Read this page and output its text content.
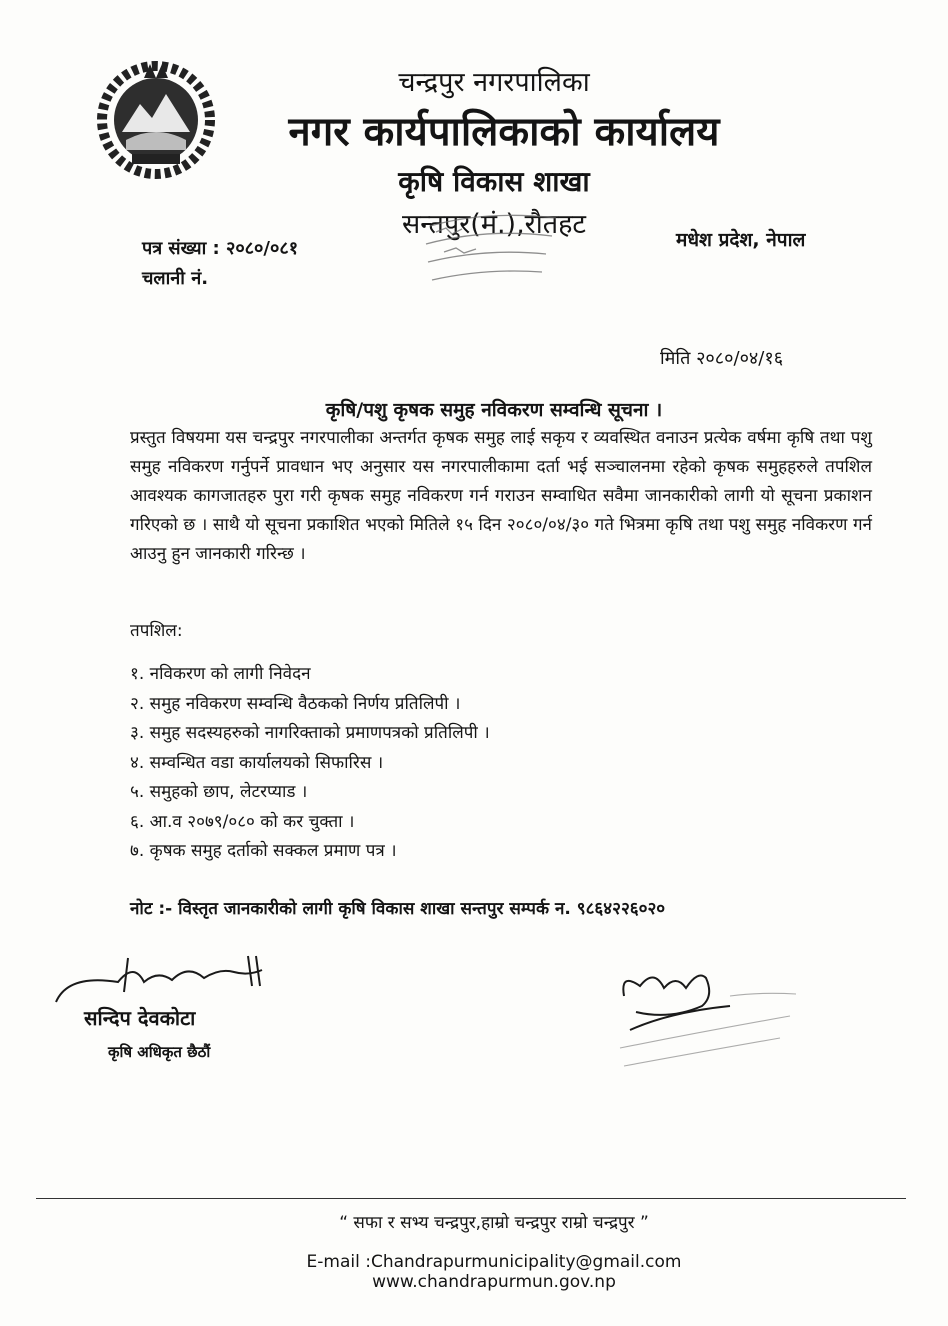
चन्द्रपुर नगरपालिका
नगर कार्यपालिकाको कार्यालय
कृषि विकास शाखा
सन्तपुर(मं.),रौतहट	मधेश प्रदेश, नेपाल
पत्र संख्या : २०८०/०८१
चलानी नं.
मिति २०८०/०४/१६
कृषि/पशु कृषक समुह नविकरण सम्वन्धि सूचना ।
प्रस्तुत विषयमा यस चन्द्रपुर नगरपालीका अन्तर्गत कृषक समुह लाई सकृय र व्यवस्थित वनाउन प्रत्येक वर्षमा कृषि तथा पशु समुह नविकरण गर्नुपर्ने प्रावधान भए अनुसार यस नगरपालीकामा दर्ता भई सञ्चालनमा रहेको कृषक समुहहरुले तपशिल आवश्यक कागजातहरु पुरा गरी कृषक समुह नविकरण गर्न गराउन सम्वाधित सवैमा जानकारीको लागी यो सूचना प्रकाशन गरिएको छ । साथै यो सूचना प्रकाशित भएको मितिले १५ दिन २०८०/०४/३० गते भित्रमा कृषि तथा पशु समुह नविकरण गर्न आउनु हुन जानकारी गरिन्छ ।
तपशिल:
१. नविकरण को लागी निवेदन
२. समुह नविकरण सम्वन्धि वैठकको निर्णय प्रतिलिपी ।
३. समुह सदस्यहरुको नागरिक्ताको प्रमाणपत्रको प्रतिलिपी ।
४. सम्वन्धित वडा कार्यालयको सिफारिस ।
५. समुहको छाप, लेटरप्याड ।
६. आ.व २०७९/०८० को कर चुक्ता ।
७. कृषक समुह दर्ताको सक्कल प्रमाण पत्र ।
नोट :- विस्तृत जानकारीको लागी कृषि विकास शाखा सन्तपुर सम्पर्क न. ९८६४२२६०२०
सन्दिप देवकोटा
कृषि अधिकृत छैठौं
“ सफा र सभ्य चन्द्रपुर,हाम्रो चन्द्रपुर राम्रो चन्द्रपुर ”
E-mail :Chandrapurmunicipality@gmail.com
www.chandrapurmun.gov.np
